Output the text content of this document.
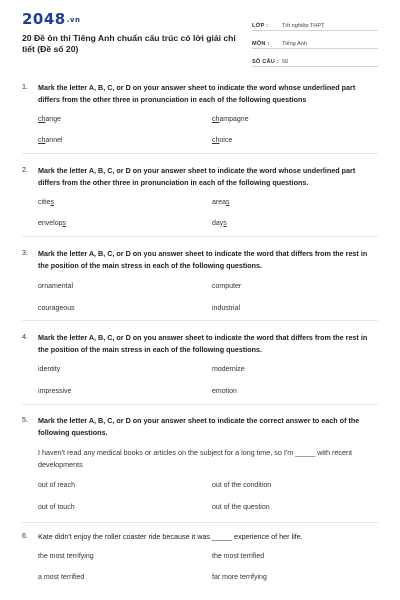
2048.vn
20 Đề ôn thi Tiếng Anh chuẩn cấu trúc có lời giải chi tiết (Đề số 20)
LỚP :	Tốt nghiệp THPT
MÔN :	Tiếng Anh
SỐ CÂU : 50
1. Mark the letter A, B, C, or D on your answer sheet to indicate the word whose underlined part differs from the other three in pronunciation in each of the following questions
change	champagne
channel	choice
2. Mark the letter A, B, C, or D on your answer sheet to indicate the word whose underlined part differs from the other three in pronunciation in each of the following questions.
cities	areas
envelops	days
3. Mark the letter A, B, C, or D on you answer sheet to indicate the word that differs from the rest in the position of the main stress in each of the following questions.
ornamental	computer
courageous	industrial
4. Mark the letter A, B, C, or D on you answer sheet to indicate the word that differs from the rest in the position of the main stress in each of the following questions.
identity	modernize
impressive	emotion
5. Mark the letter A, B, C, or D on your answer sheet to indicate the correct answer to each of the following questions.
I haven't read any medical books or articles on the subject for a long time, so I'm _____ with recent developments
out of reach	out of the condition
out of touch	out of the question
6. Kate didn't enjoy the roller coaster ride because it was _____ experience of her life.
the most terrifying	the most terrified
a most terrified	far more terrifying
